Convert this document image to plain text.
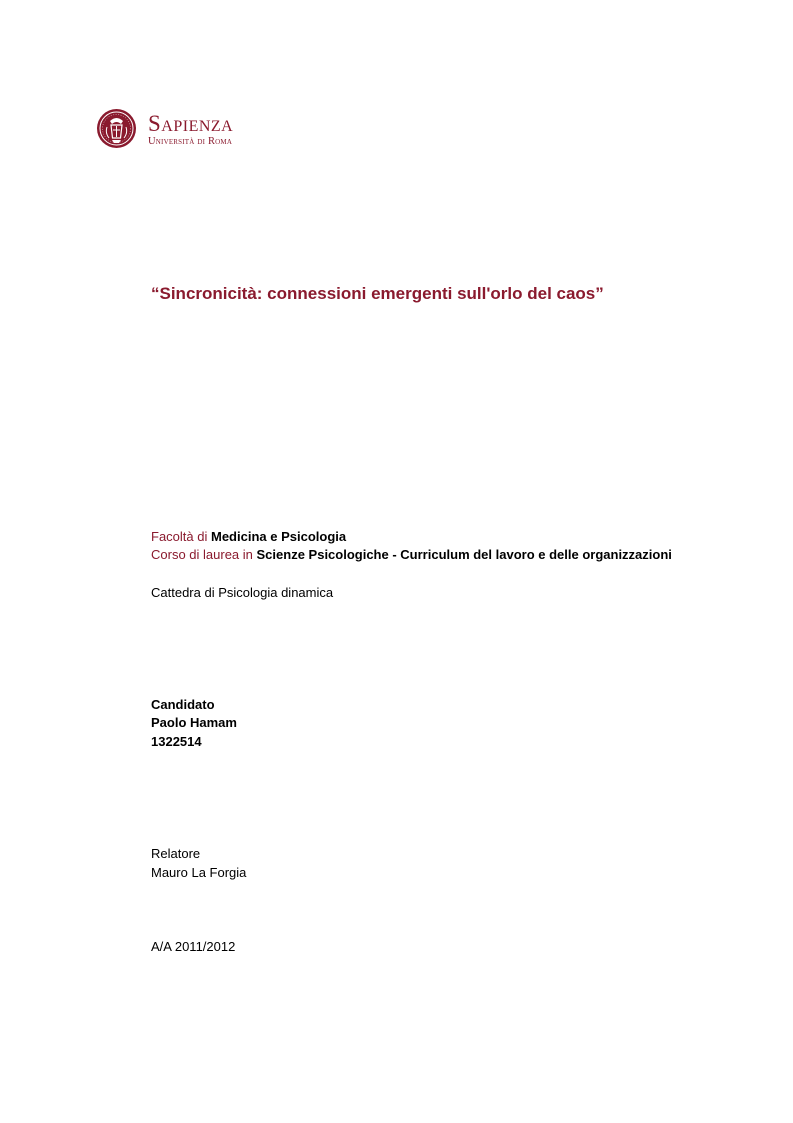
Sapienza
Università di Roma
“Sincronicità: connessioni emergenti sull'orlo del caos”
Facoltà di Medicina e Psicologia
Corso di laurea in Scienze Psicologiche - Curriculum del lavoro e delle organizzazioni
Cattedra di Psicologia dinamica
Candidato
Paolo Hamam
1322514
Relatore
Mauro La Forgia
A/A 2011/2012
